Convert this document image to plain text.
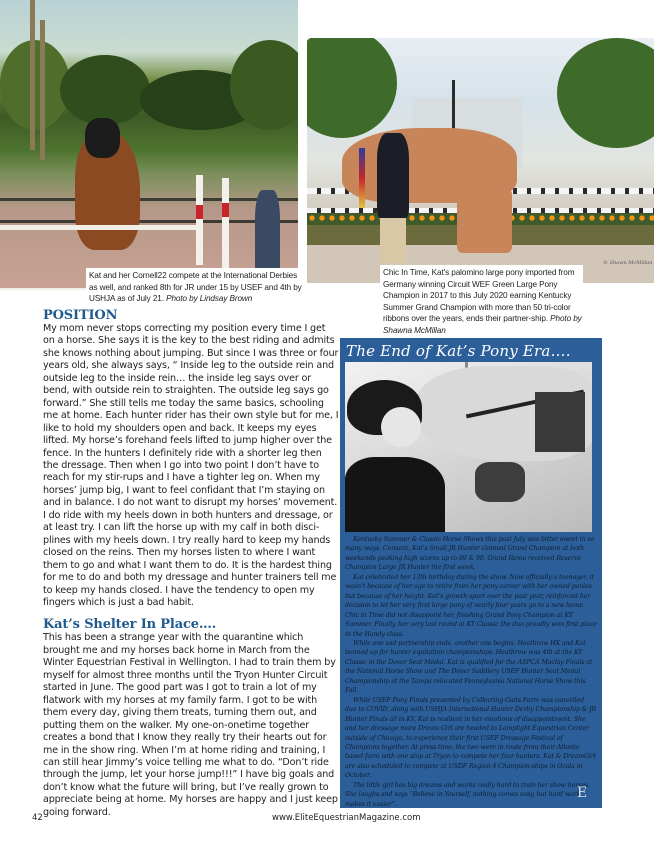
Kat and her Cornell22 compete at the International Derbies as well, and ranked 8th for JR under 15 by USEF and 4th by USHJA as of July 21. Photo by Lindsay Brown
© Shawn McMillan
Chic In Time, Kat's palomino large pony imported from Germany winning Circuit WEF Green Large Pony Champion in 2017 to this July 2020 earning Kentucky Summer Grand Champion with more than 50 tri-color ribbons over the years, ends their partner-ship. Photo by Shawna McMillan
POSITION

My mom never stops correcting my position every time I get on a horse. She says it is the key to the best riding and admits she knows nothing about jumping. But since I was three or four years old, she always says, “ Inside leg to the outside rein and outside leg to the inside rein… the inside leg says over or bend, with outside rein to straighten. The outside leg says go forward.” She still tells me today the same basics, schooling me at home. Each hunter rider has their own style but for me, I like to hold my shoulders open and back. It keeps my eyes lifted. My horse’s forehand feels lifted to jump higher over the fence. In the hunters I definitely ride with a shorter leg then the dressage. Then when I go into two point I don’t have to reach for my stir-rups and I have a tighter leg on. When my horses’ jump big, I want to feel confidant that I’m staying on and in balance. I do not want to disrupt my horses’ movement. I do ride with my heels down in both hunters and dressage, or at least try. I can lift the horse up with my calf in both disci-plines with my heels down. I try really hard to keep my hands closed on the reins. Then my horses listen to where I want them to go and what I want them to do. It is the hardest thing for me to do and both my dressage and hunter trainers tell me to keep my hands closed. I have the tendency to open my fingers which is just a bad habit.

Kat’s Shelter In Place….

This has been a strange year with the quarantine which brought me and my horses back home in March from the Winter Equestrian Festival in Wellington. I had to train them by myself for almost three months until the Tryon Hunter Circuit started in June. The good part was I got to train a lot of my flatwork with my horses at my family farm. I got to be with them every day, giving them treats, turning them out, and putting them on the walker. My one-on-onetime together creates a bond that I know they really try their hearts out for me in the show ring. When I’m at home riding and training, I can still hear Jimmy’s voice telling me what to do. “Don’t ride through the jump, let your horse jump!!!” I have big goals and don’t know what the future will bring, but I’ve really grown to appreciate being at home. My horses are happy and I just keep going forward.

The End of Kat’s Pony Era….

Kentucky Summer & Classic Horse Shows this past July was bitter sweet in so many ways. Consent, Kat’s Small JR Hunter claimed Grand Champion at both weekends peaking high scores up to 89 & 90. Grand Remo received Reserve Champion Large JR Hunter the first week.

Kat celebrated her 13th birthday during the show. Now officially a teenager, it wasn’t because of her age to retire from her pony career with her owned ponies but because of her height. Kat’s growth spurt over the past year, reinforced her decision to let her very first large pony of nearly four years go to a new home. Chic in Time did not disappoint her, finishing Grand Pony Champion at KY Summer. Finally, her very last round at KY Classic the duo proudly won first place in the Handy class.

While one sad partnership ends, another one begins. Heathrow HX and Kat teamed up for hunter equitation championships. Heathrow was 4th at the KY Classic in the Dover Seat Medal. Kat is qualified for the ASPCA Maclay Finals at the National Horse Show and The Dover Saddlery USEF Hunter Seat Medal Championship at the Tampa relocated Pennsylvania National Horse Show this Fall.

While USEF Pony Finals presented by Collecting Gaits Farm was cancelled due to COVID, along with USHJA International Hunter Derby Championship & JR Hunter Finals all in KY, Kat is resilient in her emotions of disappointment. She and her dressage mare Dream Girl are headed to Lamplight Equestrian Center outside of Chicago, to experience their first USEF Dressage Festival of Champions together. At press time, the two were in route from their Atlanta based farm with one stop at Tryon to compete her four hunters. Kat & DreamGirl are also scheduled to compete at USDF Region 4 Champion-ships in Ocala in October.

The little girl has big dreams and works really hard to train her show horses. She laughs and says “Believe in Yourself, nothing comes easy, but hard work makes it easier”.

E
42	www.EliteEquestrianMagazine.com
